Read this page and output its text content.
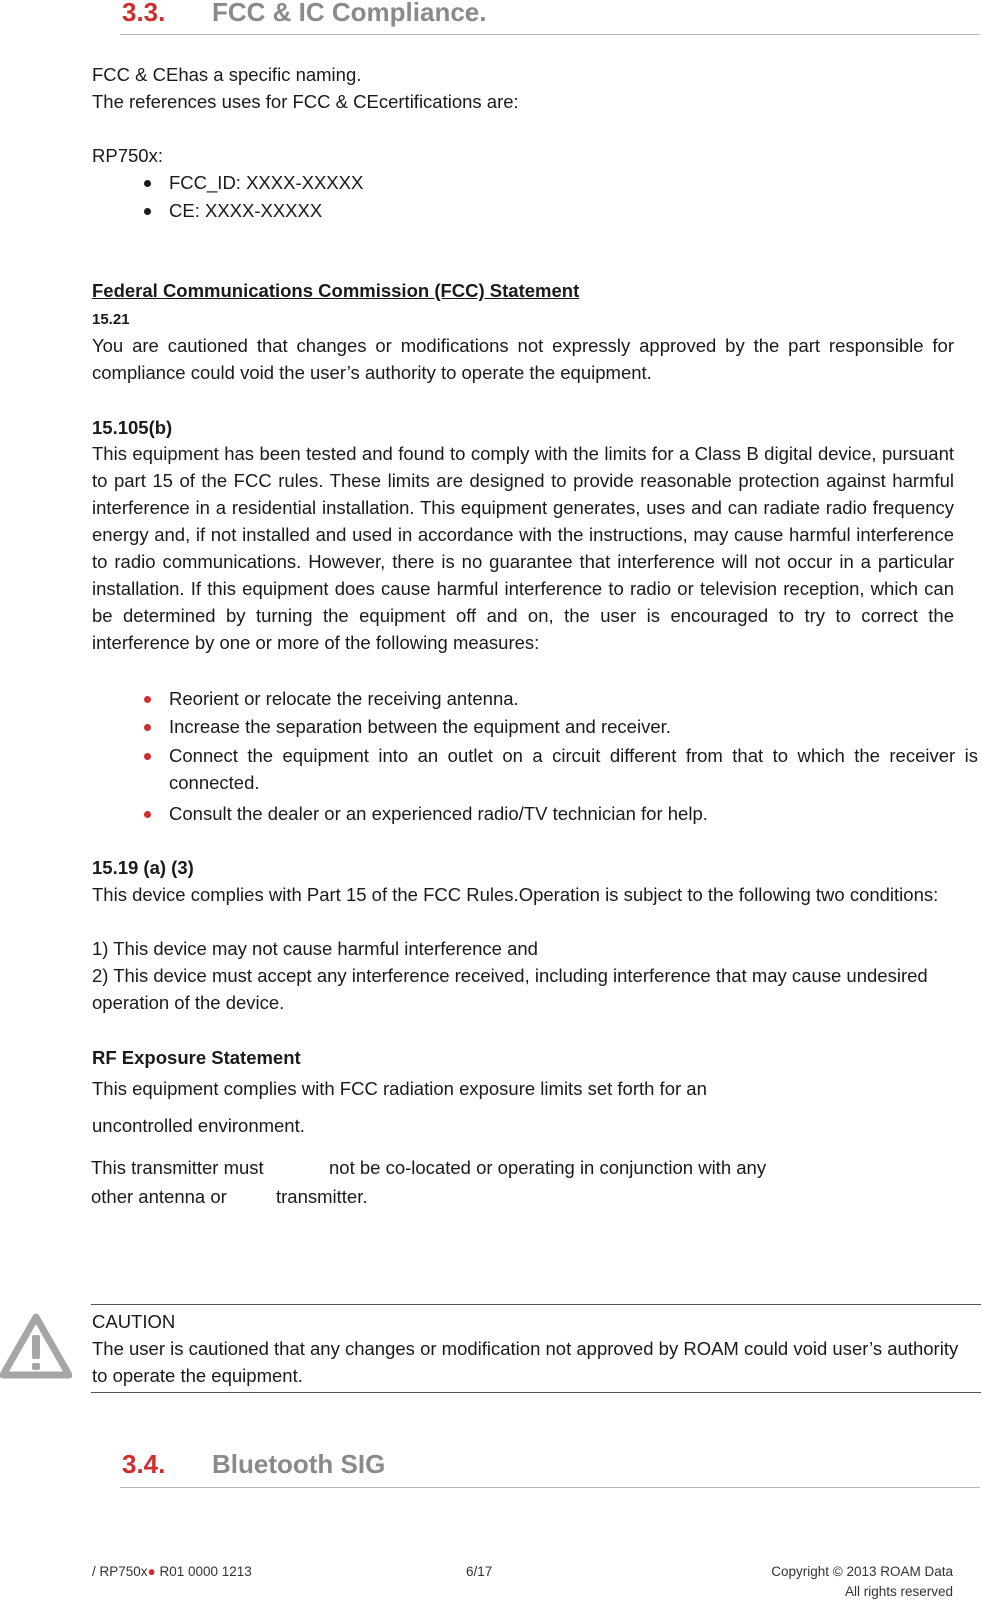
3.3. FCC & IC Compliance.
FCC & CEhas a specific naming.
The references uses for FCC & CEcertifications are:
RP750x:
FCC_ID: XXXX-XXXXX
CE: XXXX-XXXXX
Federal Communications Commission (FCC) Statement
15.21
You are cautioned that changes or modifications not expressly approved by the part responsible for compliance could void the user’s authority to operate the equipment.
15.105(b)
This equipment has been tested and found to comply with the limits for a Class B digital device, pursuant to part 15 of the FCC rules. These limits are designed to provide reasonable protection against harmful interference in a residential installation. This equipment generates, uses and can radiate radio frequency energy and, if not installed and used in accordance with the instructions, may cause harmful interference to radio communications. However, there is no guarantee that interference will not occur in a particular installation. If this equipment does cause harmful interference to radio or television reception, which can be determined by turning the equipment off and on, the user is encouraged to try to correct the interference by one or more of the following measures:
Reorient or relocate the receiving antenna.
Increase the separation between the equipment and receiver.
Connect the equipment into an outlet on a circuit different from that to which the receiver is connected.
Consult the dealer or an experienced radio/TV technician for help.
15.19 (a) (3)
This device complies with Part 15 of the FCC Rules.Operation is subject to the following two conditions:
1) This device may not cause harmful interference and
2) This device must accept any interference received, including interference that may cause undesired operation of the device.
RF Exposure Statement
This equipment complies with FCC radiation exposure limits set forth for an
uncontrolled environment.
This transmitter must	not be co-located or operating in conjunction with any
other antenna or	transmitter.
CAUTION
The user is cautioned that any changes or modification not approved by ROAM could void user’s authority to operate the equipment.
3.4. Bluetooth SIG
/ RP750x● R01 0000 1213	6/17	Copyright © 2013 ROAM Data
All rights reserved
